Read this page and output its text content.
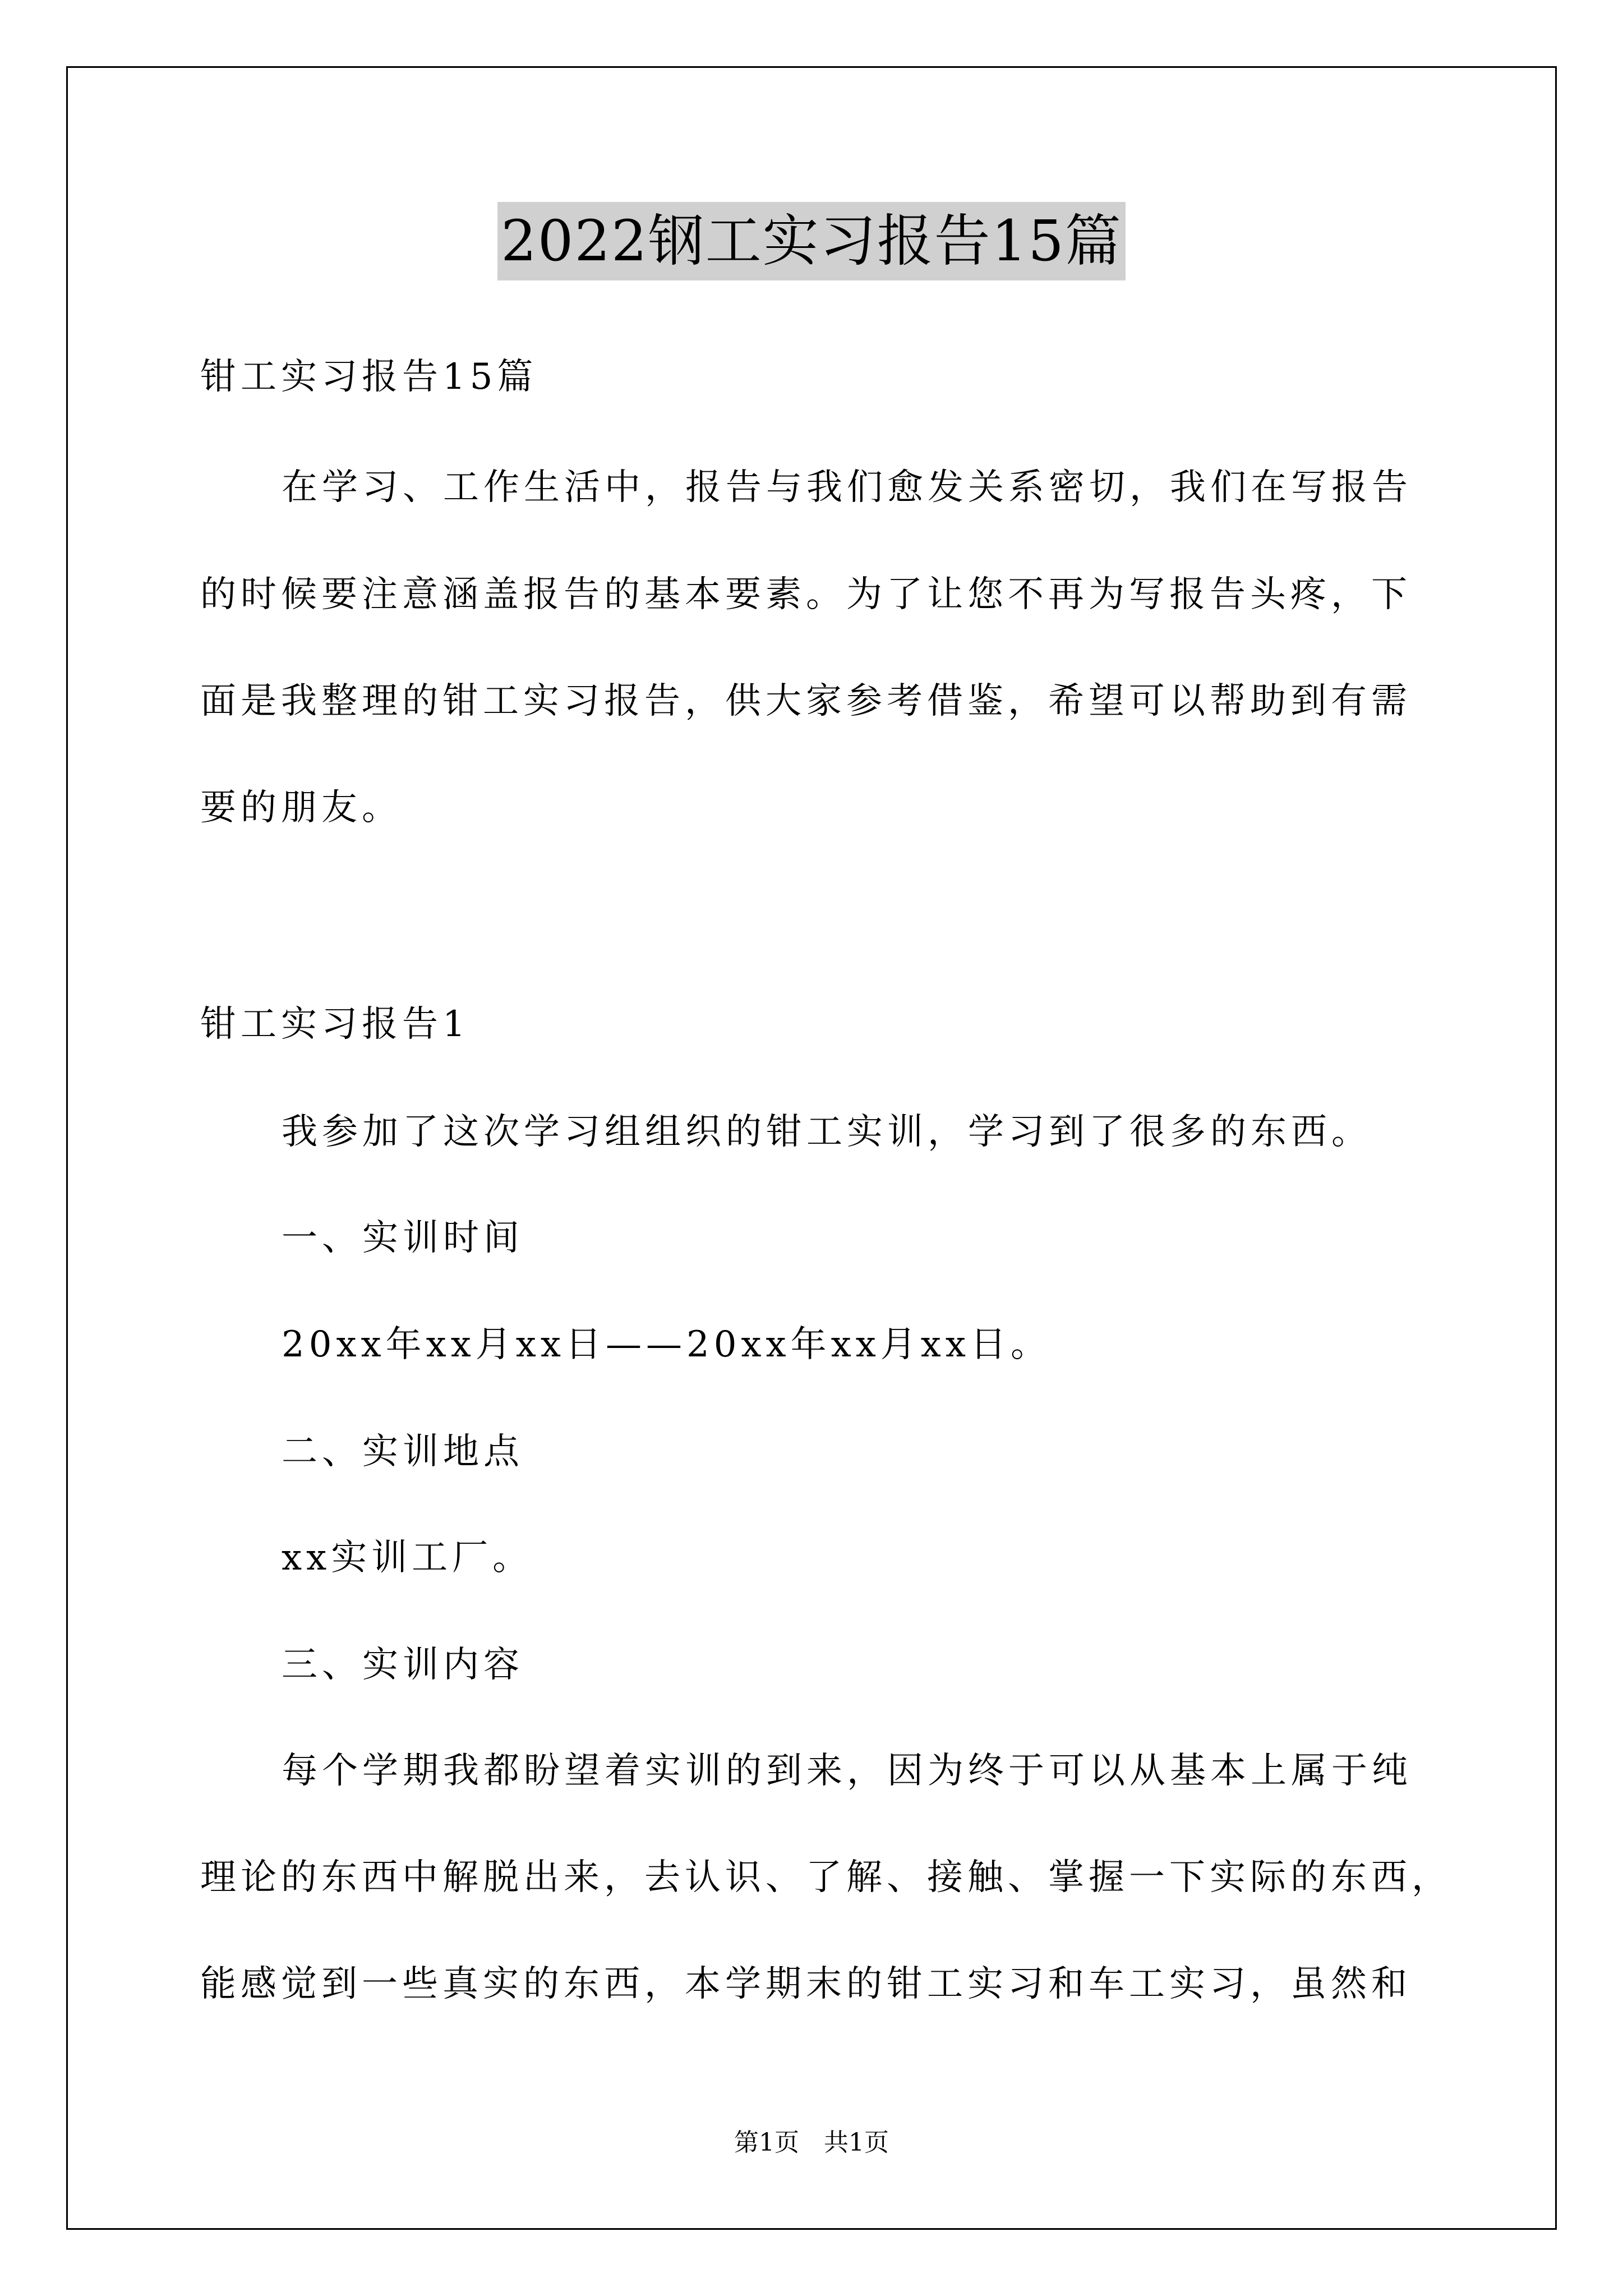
2022钢工实习报告15篇

钳工实习报告15篇

在学习、工作生活中，报告与我们愈发关系密切，我们在写报告

的时候要注意涵盖报告的基本要素。为了让您不再为写报告头疼，下

面是我整理的钳工实习报告，供大家参考借鉴，希望可以帮助到有需

要的朋友。

钳工实习报告1

我参加了这次学习组组织的钳工实训，学习到了很多的东西。

一、实训时间

20xx年xx月xx日——20xx年xx月xx日。

二、实训地点

xx实训工厂。

三、实训内容

每个学期我都盼望着实训的到来，因为终于可以从基本上属于纯

理论的东西中解脱出来，去认识、了解、接触、掌握一下实际的东西，

能感觉到一些真实的东西，本学期末的钳工实习和车工实习，虽然和

第1页　共1页
